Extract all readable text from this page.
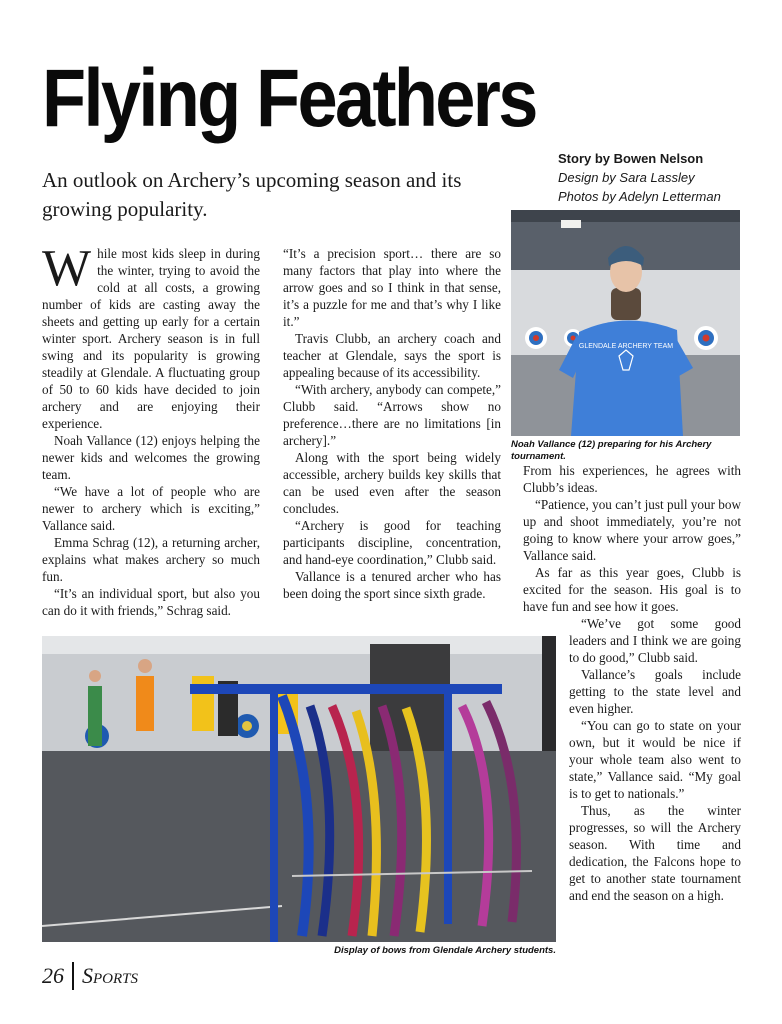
Flying Feathers

An outlook on Archery’s upcoming season and its growing popularity.

Story by Bowen Nelson
Design by Sara Lassley
Photos by Adelyn Letterman
GLENDALE ARCHERY TEAM
Noah Vallance (12) preparing for his Archery tournament.

While most kids sleep in during the winter, trying to avoid the cold at all costs, a growing number of kids are casting away the sheets and getting up early for a certain winter sport. Archery season is in full swing and its popularity is growing steadily at Glendale. A fluctuating group of 50 to 60 kids have decided to join archery and are enjoying their experience.

Noah Vallance (12) enjoys helping the newer kids and welcomes the growing team.

“We have a lot of people who are newer to archery which is exciting,” Vallance said.

Emma Schrag (12), a returning archer, explains what makes archery so much fun.

“It’s an individual sport, but also you can do it with friends,” Schrag said.

“It’s a precision sport… there are so many factors that play into where the arrow goes and so I think in that sense, it’s a puzzle for me and that’s why I like it.”

Travis Clubb, an archery coach and teacher at Glendale, says the sport is appealing because of its accessibility.

“With archery, anybody can compete,” Clubb said. “Arrows show no preference…there are no limitations [in archery].”

Along with the sport being widely accessible, archery builds key skills that can be used even after the season concludes.

“Archery is good for teaching participants discipline, concentration, and hand-eye coordination,” Clubb said.

Vallance is a tenured archer who has been doing the sport since sixth grade.

From his experiences, he agrees with Clubb’s ideas.

“Patience, you can’t just pull your bow up and shoot immediately, you’re not going to know where your arrow goes,” Vallance said.

As far as this year goes, Clubb is excited for the season. His goal is to have fun and see how it goes.

“We’ve got some good leaders and I think we are going to do good,” Clubb said.

Vallance’s goals include getting to the state level and even higher.

“You can go to state on your own, but it would be nice if your whole team also went to state,” Vallance said. “My goal is to get to nationals.”

Thus, as the winter progresses, so will the Archery season. With time and dedication, the Falcons hope to get to another state tournament and end the season on a high.

Display of bows from Glendale Archery students.
26 Sports
